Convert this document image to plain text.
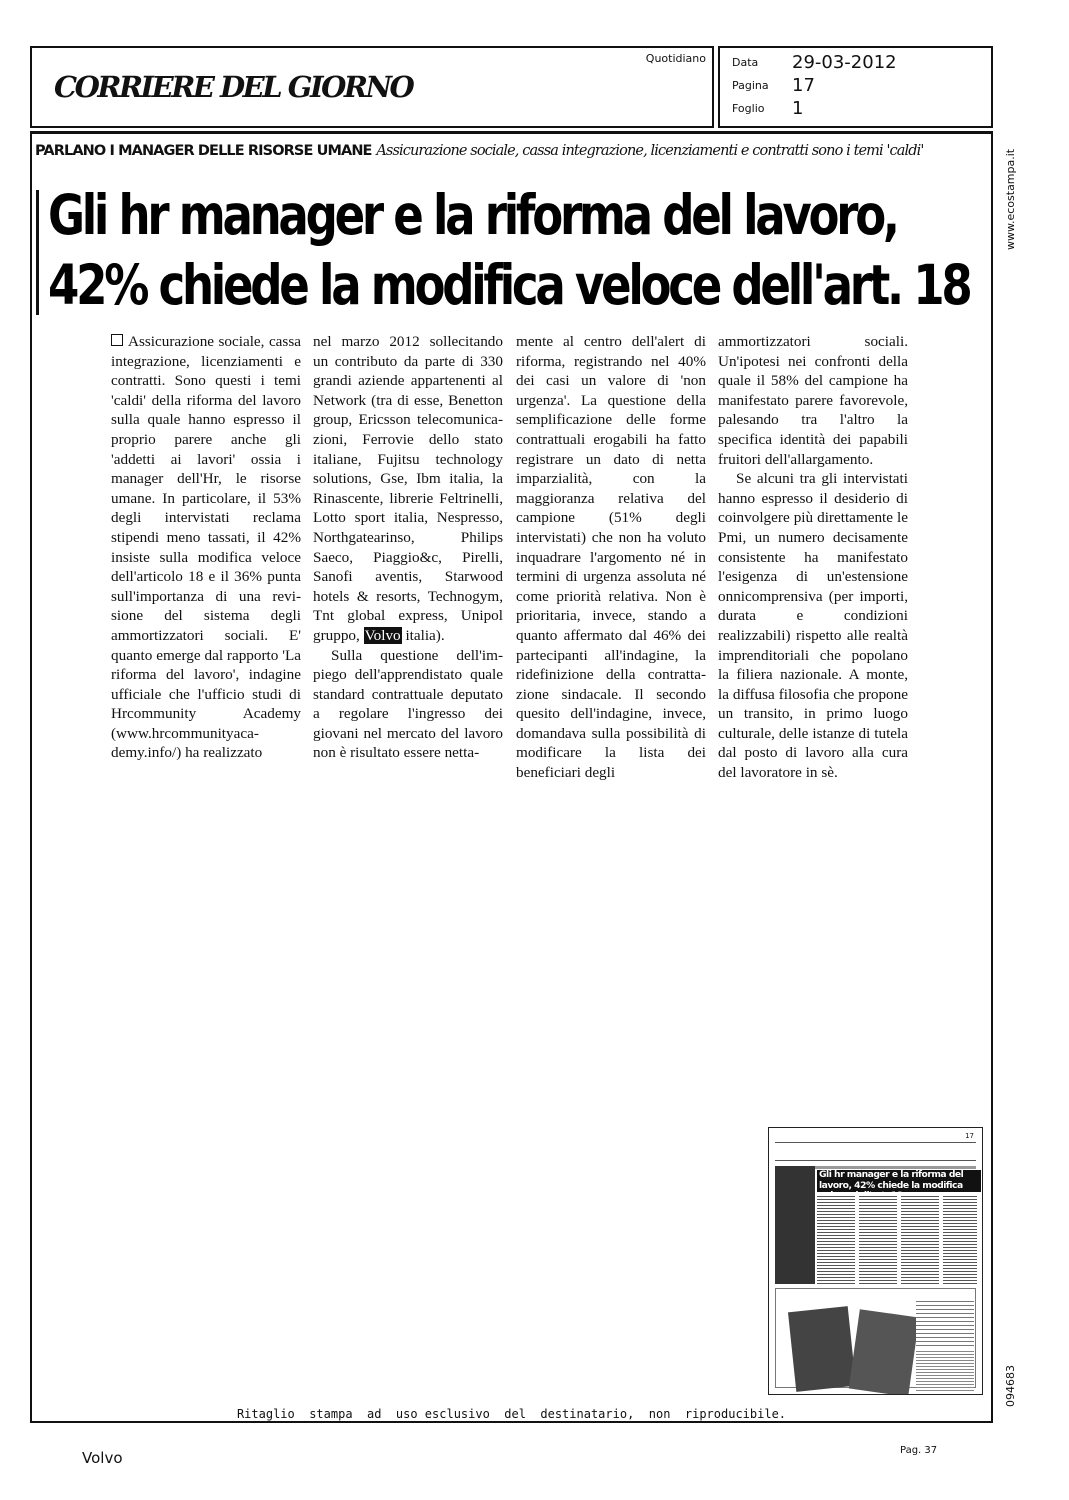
CORRIERE DEL GIORNO
Quotidiano Data 29-03-2012
Pagina 17
Foglio 1
PARLANO I MANAGER DELLE RISORSE UMANE Assicurazione sociale, cassa integrazione, licenziamenti e contratti sono i temi 'caldi'
Gli hr manager e la riforma del lavoro,
42% chiede la modifica veloce dell'art. 18

Assicurazione sociale, cassa integrazione, licenziamenti e contratti. Sono questi i temi 'caldi' della riforma del lavoro sulla quale hanno espresso il proprio parere anche gli 'addetti ai lavori' ossia i manager dell'Hr, le risorse umane. In particolare, il 53% degli intervistati reclama stipendi meno tassati, il 42% insiste sulla modifica veloce dell'articolo 18 e il 36% punta sull'importanza di una revisione del sistema degli ammortizzatori sociali. E' quanto emerge dal rapporto 'La riforma del lavoro', indagine ufficiale che l'ufficio studi di Hrcommunity Academy (www.hrcommunityacademy.info/) ha realizzato

nel marzo 2012 sollecitando un contributo da parte di 330 grandi aziende appartenenti al Network (tra di esse, Benetton group, Ericsson telecomunicazioni, Ferrovie dello stato italiane, Fujitsu technology solutions, Gse, Ibm italia, la Rinascente, librerie Feltrinelli, Lotto sport italia, Nespresso, Northgatearinso, Philips Saeco, Piaggio&c, Pirelli, Sanofi aventis, Starwood hotels & resorts, Technogym, Tnt global express, Unipol gruppo, Volvo italia).

Sulla questione dell'impiego dell'apprendistato quale standard contrattuale deputato a regolare l'ingresso dei giovani nel mercato del lavoro non è risultato essere netta-

mente al centro dell'alert di riforma, registrando nel 40% dei casi un valore di 'non urgenza'. La questione della semplificazione delle forme contrattuali erogabili ha fatto registrare un dato di netta imparzialità, con la maggioranza relativa del campione (51% degli intervistati) che non ha voluto inquadrare l'argomento né in termini di urgenza assoluta né come priorità relativa. Non è prioritaria, invece, stando a quanto affermato dal 46% dei partecipanti all'indagine, la ridefinizione della contrattazione sindacale. Il secondo quesito dell'indagine, invece, domandava sulla possibilità di modificare la lista dei beneficiari degli

ammortizzatori sociali. Un'ipotesi nei confronti della quale il 58% del campione ha manifestato parere favorevole, palesando tra l'altro la specifica identità dei papabili fruitori dell'allargamento.

Se alcuni tra gli intervistati hanno espresso il desiderio di coinvolgere più direttamente le Pmi, un numero decisamente consistente ha manifestato l'esigenza di un'estensione onnicomprensiva (per importi, durata e condizioni realizzabili) rispetto alle realtà imprenditoriali che popolano la filiera nazionale. A monte, la diffusa filosofia che propone un transito, in primo luogo culturale, delle istanze di tutela dal posto di lavoro alla cura del lavoratore in sè.

www.ecostampa.it
094683
17
Gli hr manager e la riforma del lavoro, 42% chiede la modifica
Ritaglio  stampa  ad  uso esclusivo  del  destinatario,  non  riproducibile.
Volvo	Pag. 37
